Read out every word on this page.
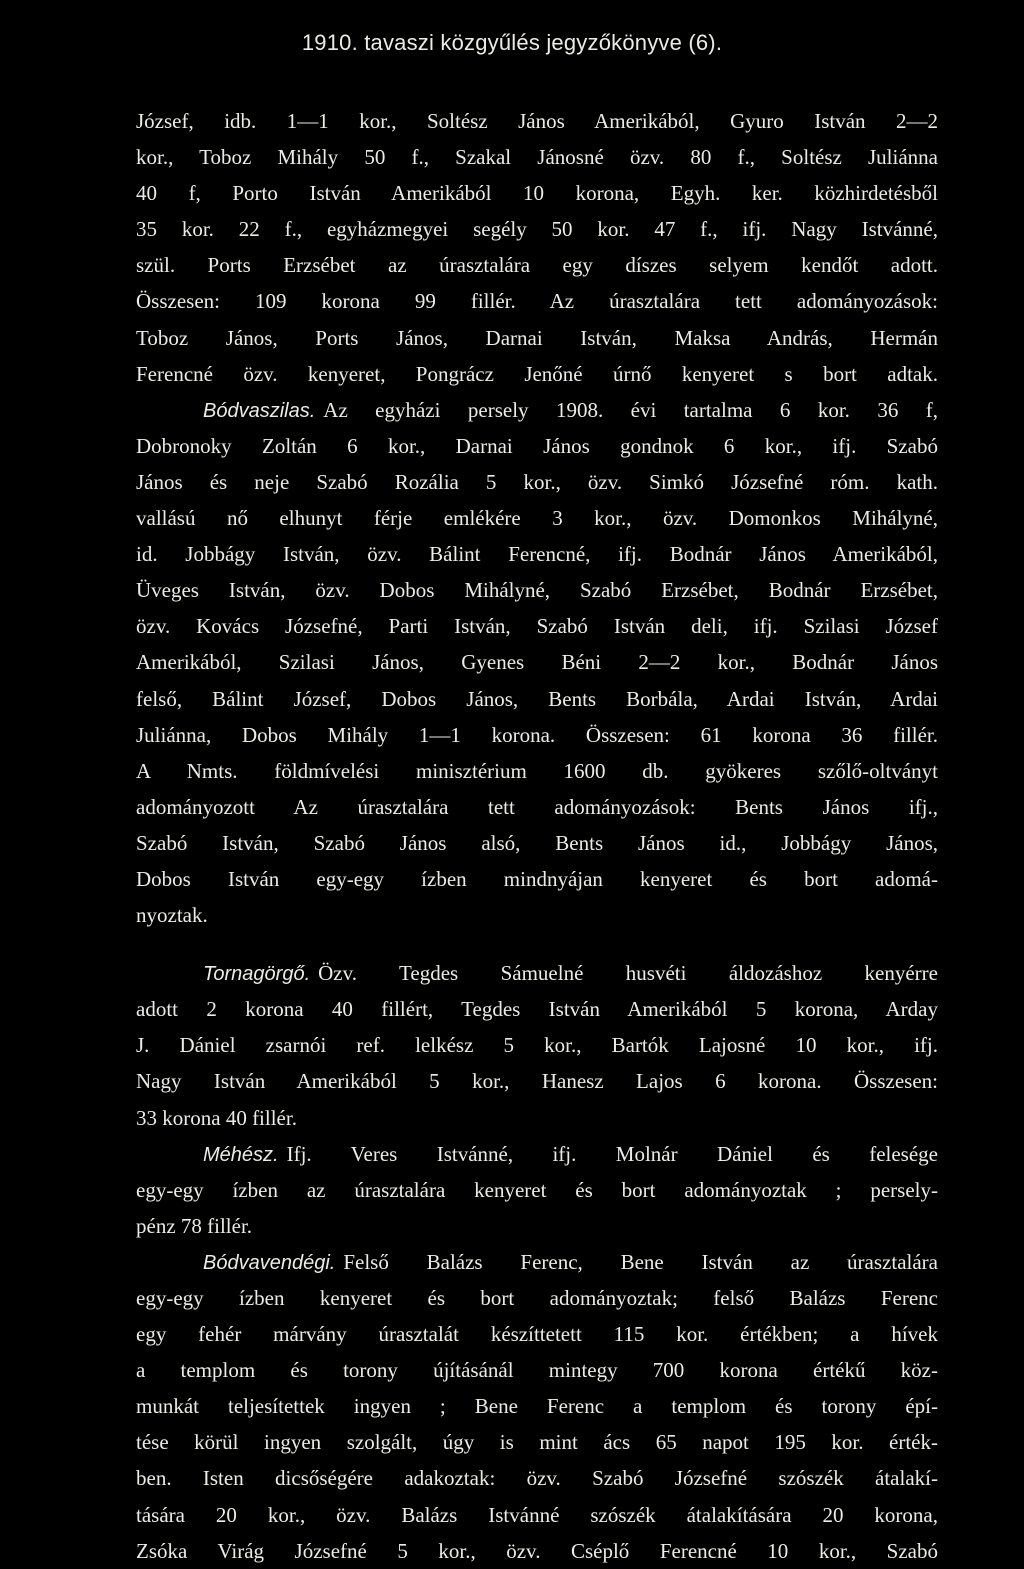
1910. tavaszi közgyűlés jegyzőkönyve (6).
József, idb. 1—1 kor., Soltész János Amerikából, Gyuro István 2—2
kor., Toboz Mihály 50 f., Szakal Jánosné özv. 80 f., Soltész Juliánna
40 f, Porto István Amerikából 10 korona, Egyh. ker. közhirdetésből
35 kor. 22 f., egyházmegyei segély 50 kor. 47 f., ifj. Nagy Istvánné,
szül. Ports Erzsébet az úrasztalára egy díszes selyem kendőt adott.
Összesen: 109 korona 99 fillér. Az úrasztalára tett adományozások:
Toboz János, Ports János, Darnai István, Maksa András, Hermán
Ferencné özv. kenyeret, Pongrácz Jenőné úrnő kenyeret s bort adtak.
Bódvaszilas. Az egyházi persely 1908. évi tartalma 6 kor. 36 f,
Dobronoky Zoltán 6 kor., Darnai János gondnok 6 kor., ifj. Szabó
János és neje Szabó Rozália 5 kor., özv. Simkó Józsefné róm. kath.
vallású nő elhunyt férje emlékére 3 kor., özv. Domonkos Mihályné,
id. Jobbágy István, özv. Bálint Ferencné, ifj. Bodnár János Amerikából,
Üveges István, özv. Dobos Mihályné, Szabó Erzsébet, Bodnár Erzsébet,
özv. Kovács Józsefné, Parti István, Szabó István deli, ifj. Szilasi József
Amerikából, Szilasi János, Gyenes Béni 2—2 kor., Bodnár János
felső, Bálint József, Dobos János, Bents Borbála, Ardai István, Ardai
Juliánna, Dobos Mihály 1—1 korona. Összesen: 61 korona 36 fillér.
A Nmts. földmívelési minisztérium 1600 db. gyökeres szőlő-oltványt
adományozott Az úrasztalára tett adományozások: Bents János ifj.,
Szabó István, Szabó János alsó, Bents János id., Jobbágy János,
Dobos István egy-egy ízben mindnyájan kenyeret és bort adomá-
nyoztak.
Tornagörgő. Özv. Tegdes Sámuelné husvéti áldozáshoz kenyérre
adott 2 korona 40 fillért, Tegdes István Amerikából 5 korona, Arday
J. Dániel zsarnói ref. lelkész 5 kor., Bartók Lajosné 10 kor., ifj.
Nagy István Amerikából 5 kor., Hanesz Lajos 6 korona. Összesen:
33 korona 40 fillér.
Méhész. Ifj. Veres Istvánné, ifj. Molnár Dániel és felesége
egy-egy ízben az úrasztalára kenyeret és bort adományoztak ; persely-
pénz 78 fillér.
Bódvavendégi. Felső Balázs Ferenc, Bene István az úrasztalára
egy-egy ízben kenyeret és bort adományoztak; felső Balázs Ferenc
egy fehér márvány úrasztalát készíttetett 115 kor. értékben; a hívek
a templom és torony újításánál mintegy 700 korona értékű köz-
munkát teljesítettek ingyen ; Bene Ferenc a templom és torony épí-
tése körül ingyen szolgált, úgy is mint ács 65 napot 195 kor. érték-
ben. Isten dicsőségére adakoztak: özv. Szabó Józsefné szószék átalakí-
tására 20 kor., özv. Balázs Istvánné szószék átalakítására 20 korona,
Zsóka Virág Józsefné 5 kor., özv. Cséplő Ferencné 10 kor., Szabó
